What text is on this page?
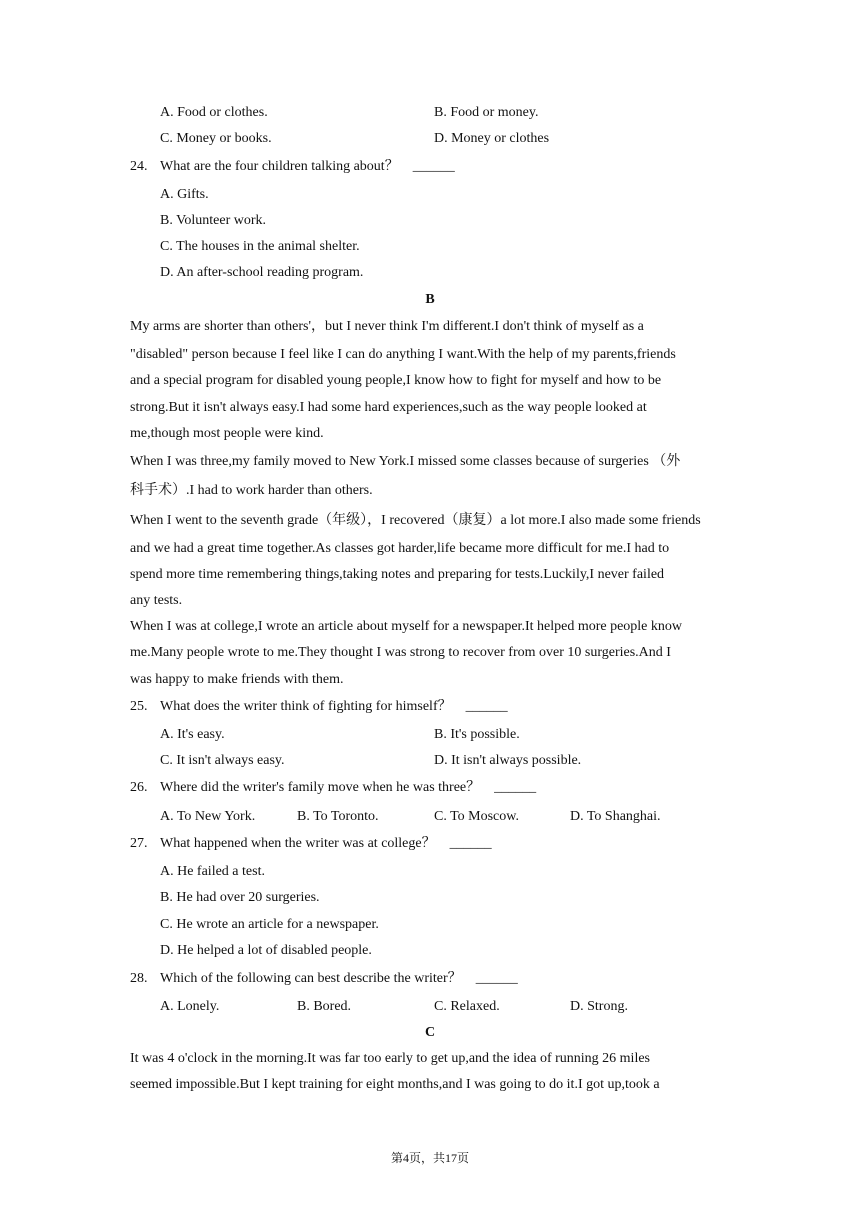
A. Food or clothes.	B. Food or money.
C. Money or books.	D. Money or clothes
24. What are the four children talking about？ ______
A. Gifts.
B. Volunteer work.
C. The houses in the animal shelter.
D. An after-school reading program.
B
My arms are shorter than others'，but I never think I'm different.I don't think of myself as a
"disabled" person because I feel like I can do anything I want.With the help of my parents,friends
and a special program for disabled young people,I know how to fight for myself and how to be
strong.But it isn't always easy.I had some hard experiences,such as the way people looked at
me,though most people were kind.
When I was three,my family moved to New York.I missed some classes because of surgeries （外
科手术）.I had to work harder than others.
When I went to the seventh grade（年级），I recovered（康复）a lot more.I also made some friends
and we had a great time together.As classes got harder,life became more difficult for me.I had to
spend more time remembering things,taking notes and preparing for tests.Luckily,I never failed
any tests.
When I was at college,I wrote an article about myself for a newspaper.It helped more people know
me.Many people wrote to me.They thought I was strong to recover from over 10 surgeries.And I
was happy to make friends with them.
25. What does the writer think of fighting for himself？ ______
A. It's easy.	B. It's possible.
C. It isn't always easy.	D. It isn't always possible.
26. Where did the writer's family move when he was three？ ______
A. To New York.	B. To Toronto.	C. To Moscow.	D. To Shanghai.
27. What happened when the writer was at college？ ______
A. He failed a test.
B. He had over 20 surgeries.
C. He wrote an article for a newspaper.
D. He helped a lot of disabled people.
28. Which of the following can best describe the writer？ ______
A. Lonely.	B. Bored.	C. Relaxed.	D. Strong.
C
It was 4 o'clock in the morning.It was far too early to get up,and the idea of running 26 miles
seemed impossible.But I kept training for eight months,and I was going to do it.I got up,took a
第4页，共17页
